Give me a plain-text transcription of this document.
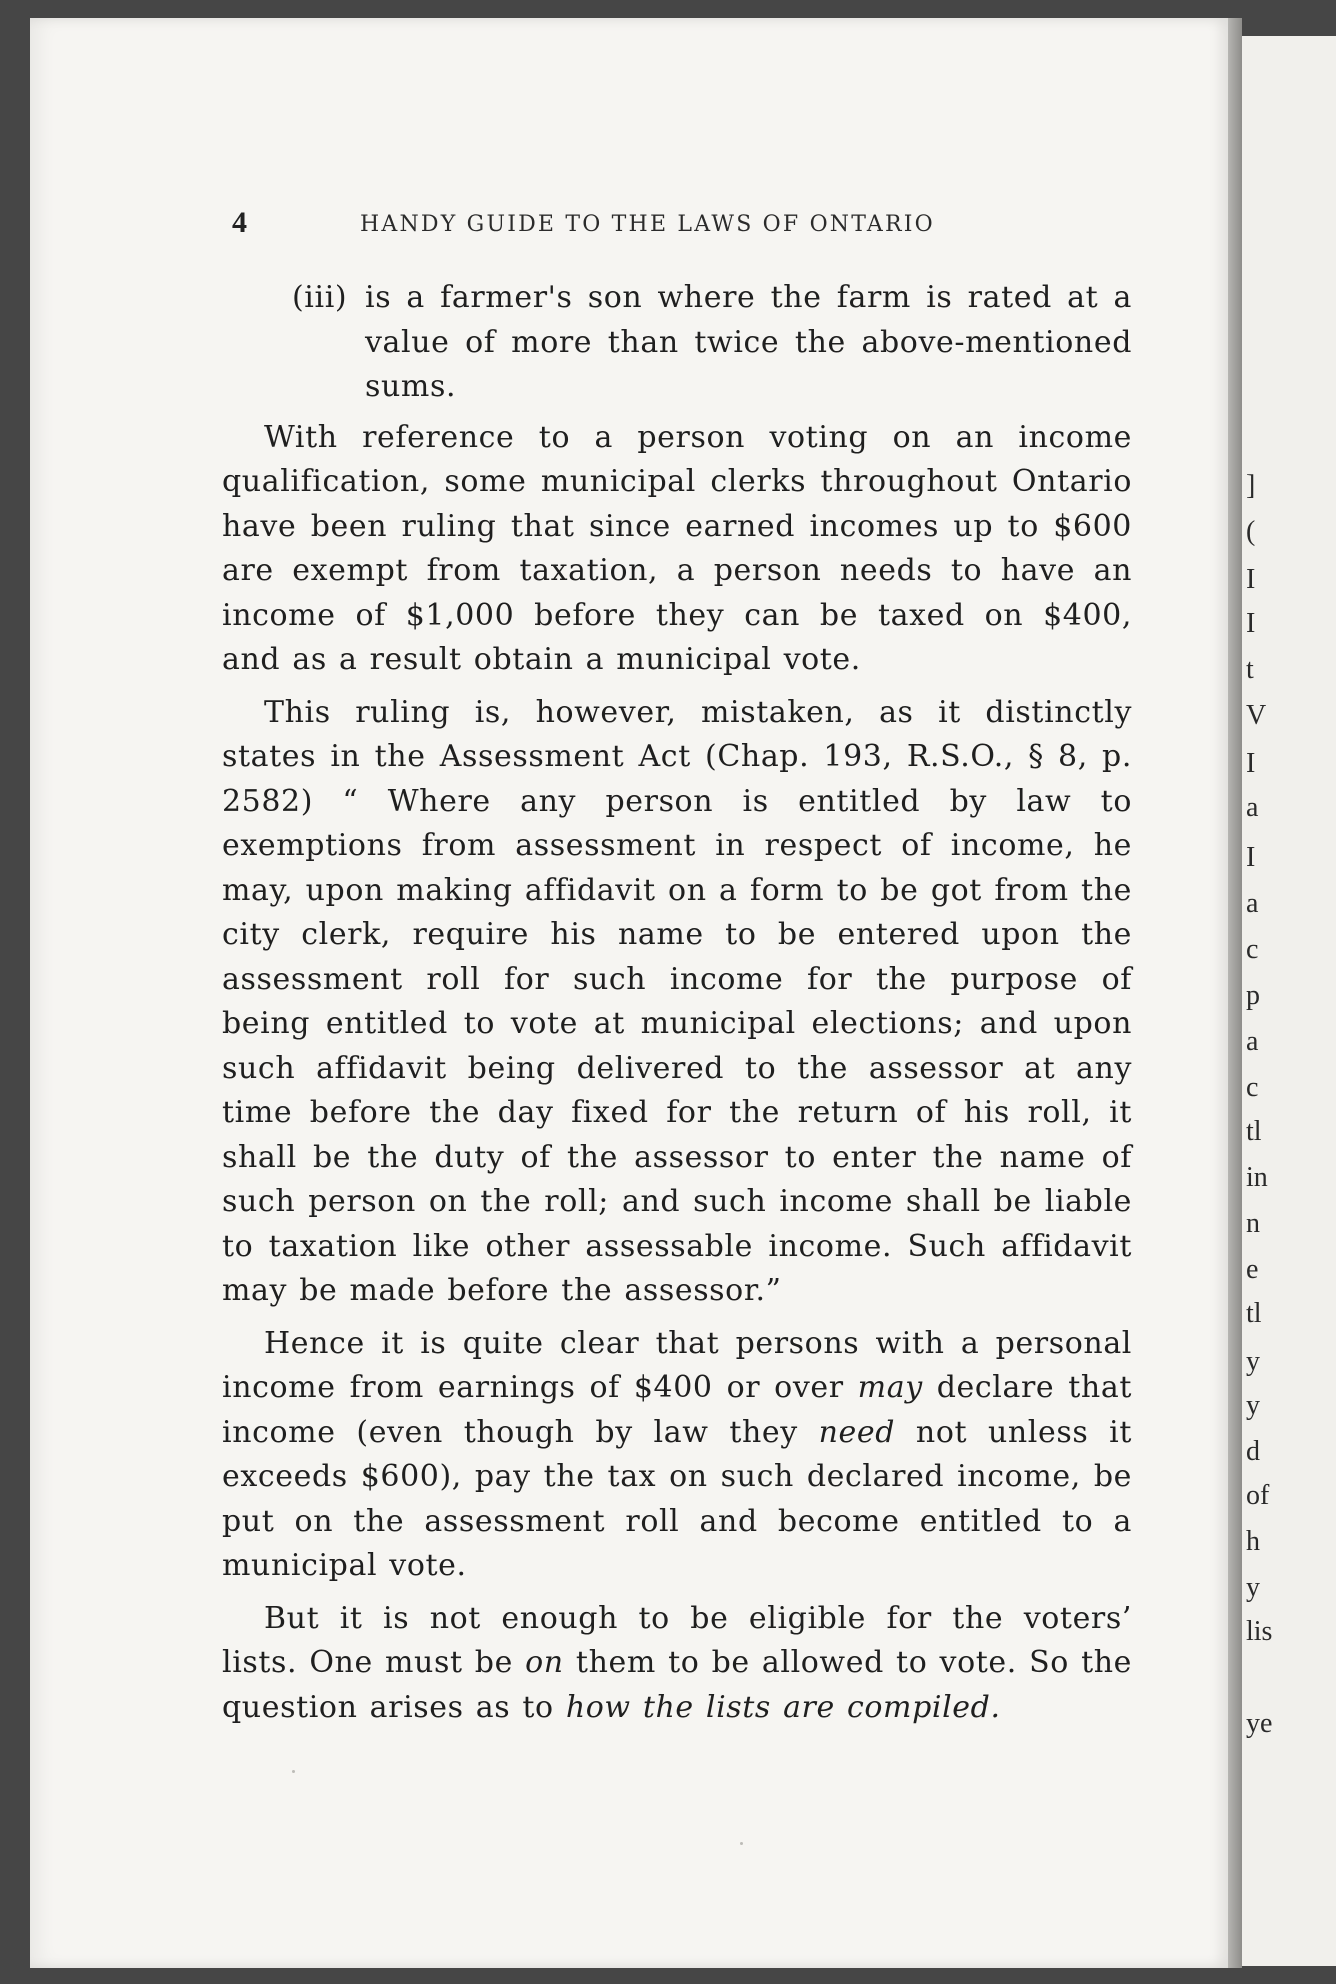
]
(
I
I
t
V
I
a
I
a
c
p
a
c
tl
in
n
e
tl
y
y
d
of
h
y
lis
ye
4	HANDY GUIDE TO THE LAWS OF ONTARIO

(iii) is a farmer's son where the farm is rated at a value of more than twice the above-mentioned sums.

With reference to a person voting on an income qualification, some municipal clerks throughout Ontario have been ruling that since earned incomes up to $600 are exempt from taxation, a person needs to have an income of $1,000 before they can be taxed on $400, and as a result obtain a municipal vote.

This ruling is, however, mistaken, as it distinctly states in the Assessment Act (Chap. 193, R.S.O., § 8, p. 2582) “ Where any person is entitled by law to exemptions from assessment in respect of income, he may, upon making affidavit on a form to be got from the city clerk, require his name to be entered upon the assessment roll for such income for the purpose of being entitled to vote at municipal elections; and upon such affidavit being delivered to the assessor at any time before the day fixed for the return of his roll, it shall be the duty of the assessor to enter the name of such person on the roll; and such income shall be liable to taxation like other assessable income. Such affidavit may be made before the assessor.”

Hence it is quite clear that persons with a personal income from earnings of $400 or over may declare that income (even though by law they need not unless it exceeds $600), pay the tax on such declared income, be put on the assessment roll and become entitled to a municipal vote.

But it is not enough to be eligible for the voters’ lists. One must be on them to be allowed to vote. So the question arises as to how the lists are compiled.
